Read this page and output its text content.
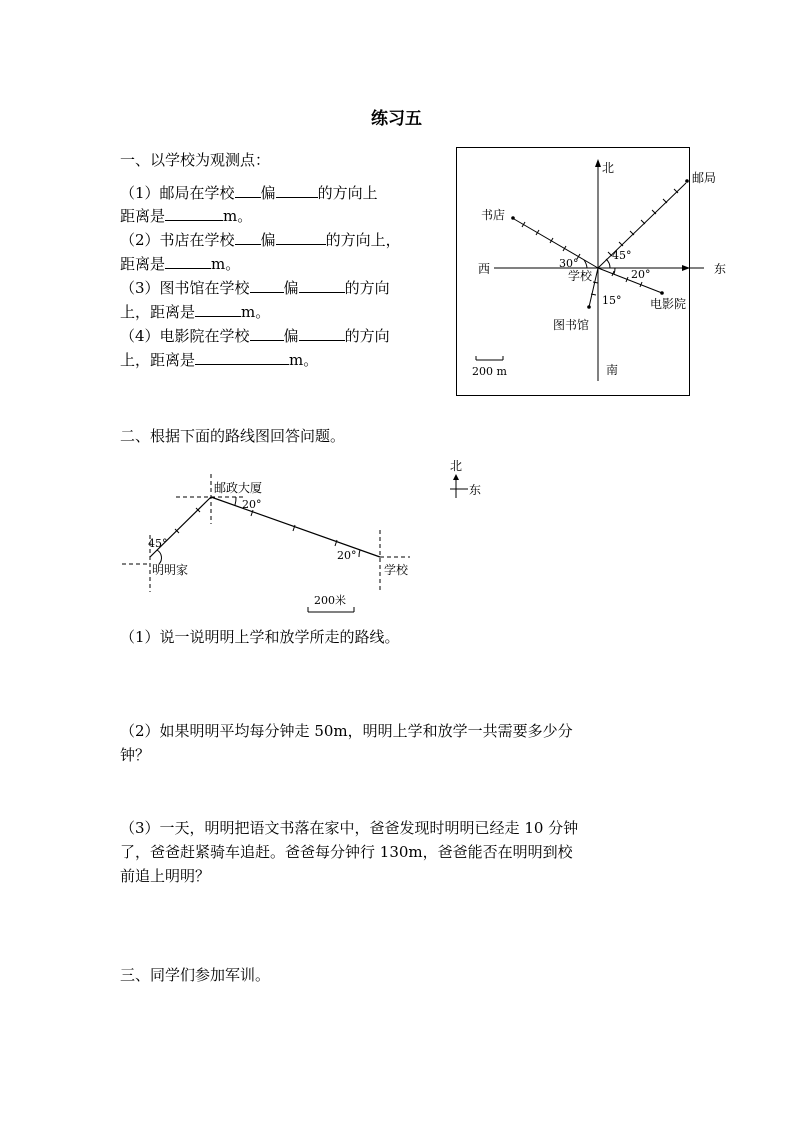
练习五
一、以学校为观测点：
（1）邮局在学校 偏	的方向上
距离是	m。
（2）书店在学校 偏	的方向上，
距离是	m。
（3）图书馆在学校 偏	的方向
上，距离是	m。
（4）电影院在学校 偏	的方向
上，距离是	m。
北
南
西	东
邮局
书店
学校
图书馆
电影院
30°
45°
20°
15°
200 m
二、根据下面的路线图回答问题。
邮政大厦
明明家	学校
45°
20°
20°
北
东
200米
（1）说一说明明上学和放学所走的路线。
（2）如果明明平均每分钟走 50m，明明上学和放学一共需要多少分
钟？
（3）一天，明明把语文书落在家中，爸爸发现时明明已经走 10 分钟
了，爸爸赶紧骑车追赶。爸爸每分钟行 130m，爸爸能否在明明到校
前追上明明？
三、同学们参加军训。
